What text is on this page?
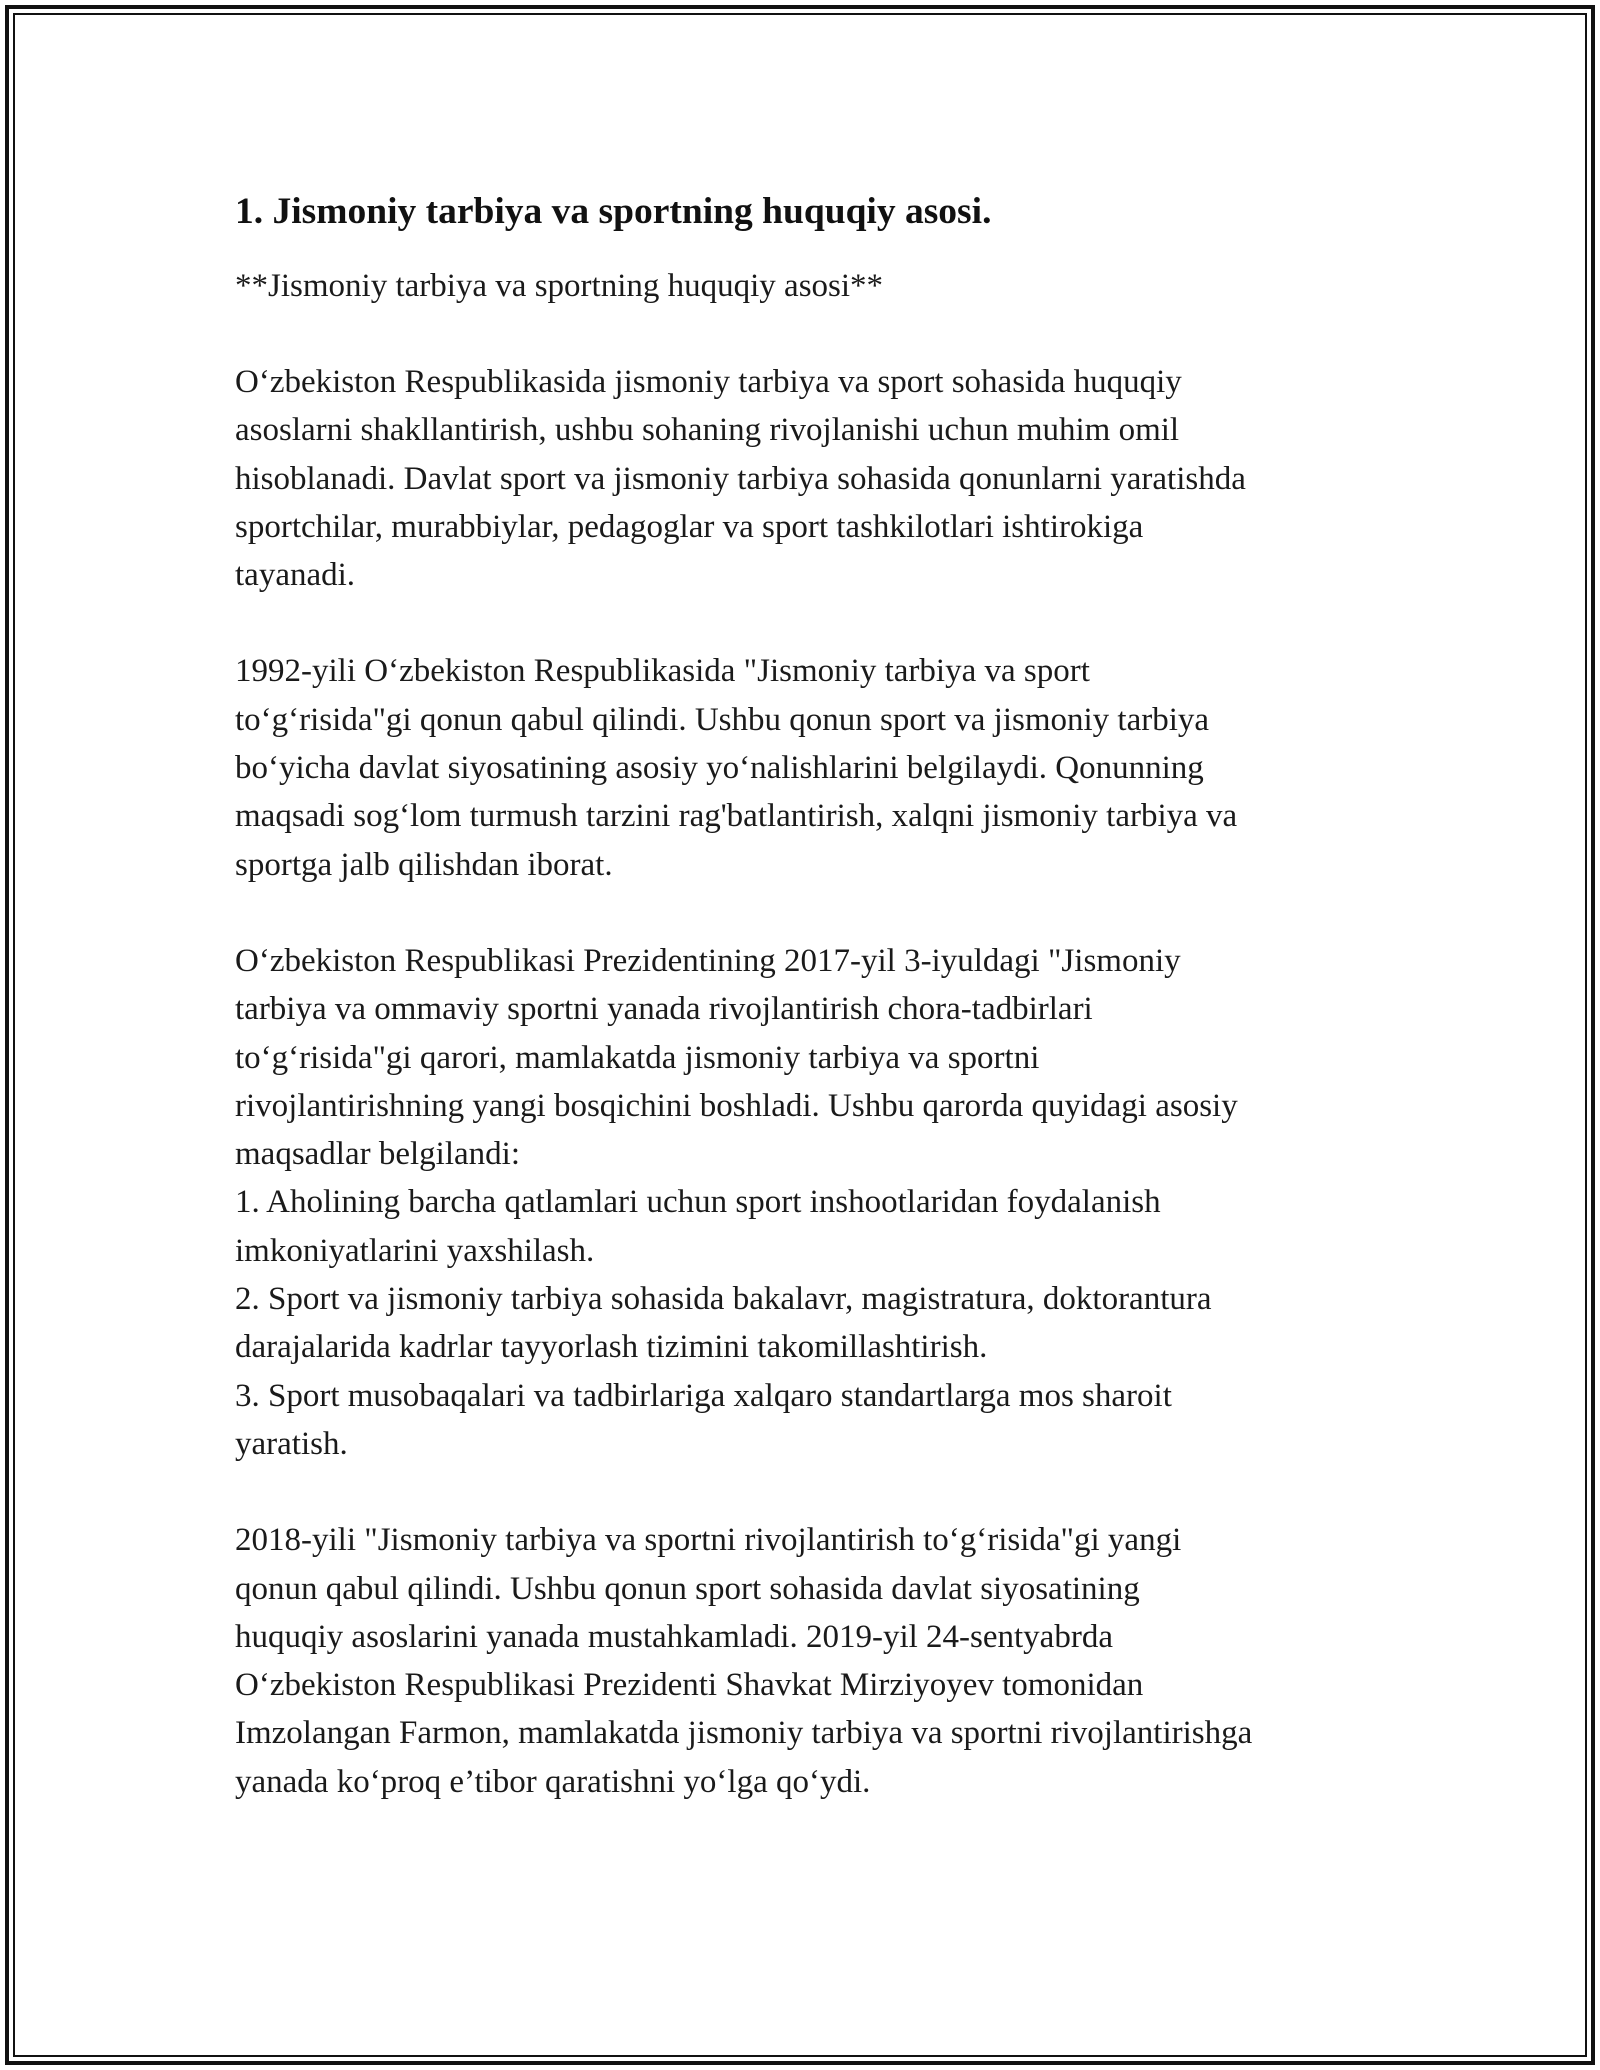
1. Jismoniy tarbiya va sportning huquqiy asosi.

**Jismoniy tarbiya va sportning huquqiy asosi**

O‘zbekiston Respublikasida jismoniy tarbiya va sport sohasida huquqiy
asoslarni shakllantirish, ushbu sohaning rivojlanishi uchun muhim omil
hisoblanadi. Davlat sport va jismoniy tarbiya sohasida qonunlarni yaratishda
sportchilar, murabbiylar, pedagoglar va sport tashkilotlari ishtirokiga
tayanadi.

1992-yili O‘zbekiston Respublikasida "Jismoniy tarbiya va sport
to‘g‘risida"gi qonun qabul qilindi. Ushbu qonun sport va jismoniy tarbiya
bo‘yicha davlat siyosatining asosiy yo‘nalishlarini belgilaydi. Qonunning
maqsadi sog‘lom turmush tarzini rag'batlantirish, xalqni jismoniy tarbiya va
sportga jalb qilishdan iborat.

O‘zbekiston Respublikasi Prezidentining 2017-yil 3-iyuldagi "Jismoniy
tarbiya va ommaviy sportni yanada rivojlantirish chora-tadbirlari
to‘g‘risida"gi qarori, mamlakatda jismoniy tarbiya va sportni
rivojlantirishning yangi bosqichini boshladi. Ushbu qarorda quyidagi asosiy
maqsadlar belgilandi:
1. Aholining barcha qatlamlari uchun sport inshootlaridan foydalanish
imkoniyatlarini yaxshilash.
2. Sport va jismoniy tarbiya sohasida bakalavr, magistratura, doktorantura
darajalarida kadrlar tayyorlash tizimini takomillashtirish.
3. Sport musobaqalari va tadbirlariga xalqaro standartlarga mos sharoit
yaratish.

2018-yili "Jismoniy tarbiya va sportni rivojlantirish to‘g‘risida"gi yangi
qonun qabul qilindi. Ushbu qonun sport sohasida davlat siyosatining
huquqiy asoslarini yanada mustahkamladi. 2019-yil 24-sentyabrda
O‘zbekiston Respublikasi Prezidenti Shavkat Mirziyoyev tomonidan
Imzolangan Farmon, mamlakatda jismoniy tarbiya va sportni rivojlantirishga
yanada ko‘proq e’tibor qaratishni yo‘lga qo‘ydi.
